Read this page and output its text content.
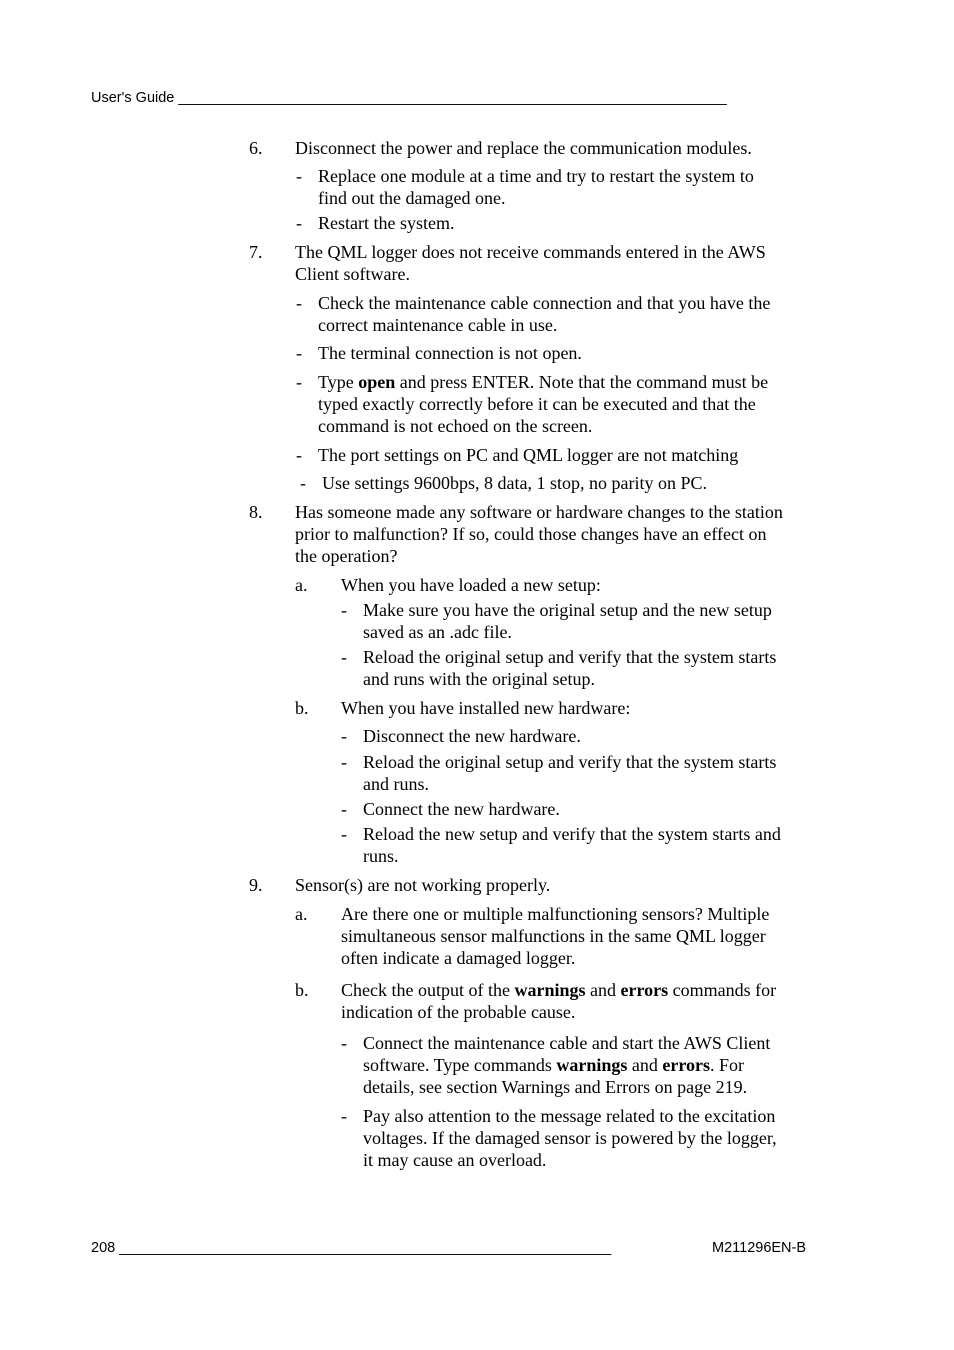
User's Guide ____________________________________________________________________
6. Disconnect the power and replace the communication modules.
- Replace one module at a time and try to restart the system to
find out the damaged one.
- Restart the system.
7. The QML logger does not receive commands entered in the AWS
Client software.
- Check the maintenance cable connection and that you have the
correct maintenance cable in use.
- The terminal connection is not open.
- Type open and press ENTER. Note that the command must be
typed exactly correctly before it can be executed and that the
command is not echoed on the screen.
- The port settings on PC and QML logger are not matching
- Use settings 9600bps, 8 data, 1 stop, no parity on PC.
8. Has someone made any software or hardware changes to the station
prior to malfunction? If so, could those changes have an effect on
the operation?
a. When you have loaded a new setup:
- Make sure you have the original setup and the new setup
saved as an .adc file.
- Reload the original setup and verify that the system starts
and runs with the original setup.
b. When you have installed new hardware:
- Disconnect the new hardware.
- Reload the original setup and verify that the system starts
and runs.
- Connect the new hardware.
- Reload the new setup and verify that the system starts and
runs.
9. Sensor(s) are not working properly.
a. Are there one or multiple malfunctioning sensors? Multiple
simultaneous sensor malfunctions in the same QML logger
often indicate a damaged logger.
b. Check the output of the warnings and errors commands for
indication of the probable cause.
- Connect the maintenance cable and start the AWS Client
software. Type commands warnings and errors. For
details, see section Warnings and Errors on page 219.
- Pay also attention to the message related to the excitation
voltages. If the damaged sensor is powered by the logger,
it may cause an overload.
208 _____________________________________________________________	M211296EN-B
